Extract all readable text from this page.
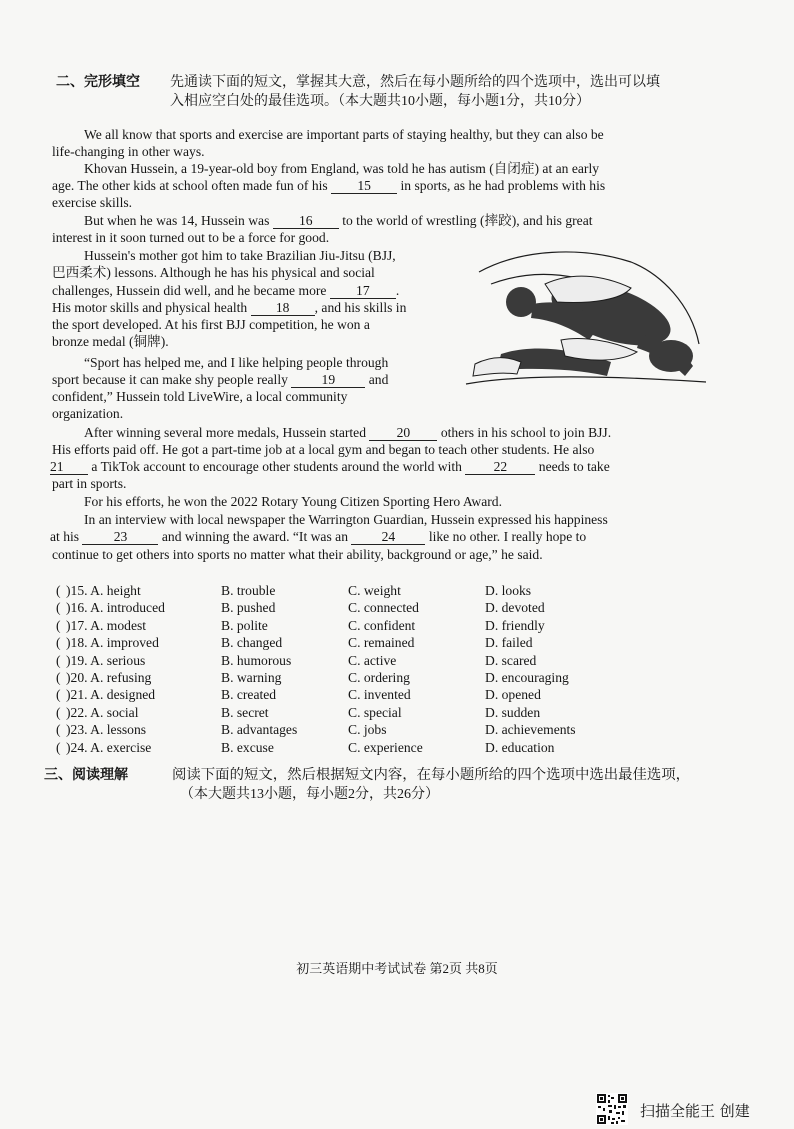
二、完形填空 先通读下面的短文，掌握其大意，然后在每小题所给的四个选项中，选出可以填
入相应空白处的最佳选项。（本大题共10小题，每小题1分，共10分）
We all know that sports and exercise are important parts of staying healthy, but they can also be
life-changing in other ways.
Khovan Hussein, a 19-year-old boy from England, was told he has autism (自闭症) at an early
age. The other kids at school often made fun of his 15 in sports, as he had problems with his
exercise skills.
But when he was 14, Hussein was 16 to the world of wrestling (摔跤), and his great
interest in it soon turned out to be a force for good.
Hussein's mother got him to take Brazilian Jiu-Jitsu (BJJ,
巴西柔术) lessons. Although he has his physical and social
challenges, Hussein did well, and he became more 17 .
His motor skills and physical health 18 , and his skills in
the sport developed. At his first BJJ competition, he won a
bronze medal (铜牌).
“Sport has helped me, and I like helping people through
sport because it can make shy people really 19 and
confident,” Hussein told LiveWire, a local community
organization.
After winning several more medals, Hussein started 20 others in his school to join BJJ.
His efforts paid off. He got a part-time job at a local gym and began to teach other students. He also
21 a TikTok account to encourage other students around the world with 22 needs to take
part in sports.
For his efforts, he won the 2022 Rotary Young Citizen Sporting Hero Award.
In an interview with local newspaper the Warrington Guardian, Hussein expressed his happiness
at his	23	and winning the award. “It was an 24 like no other. I really hope to
continue to get others into sports no matter what their ability, background or age,” he said.
( )15. A. height	B. trouble	C. weight	D. looks
( )16. A. introduced	B. pushed	C. connected	D. devoted
( )17. A. modest	B. polite	C. confident	D. friendly
( )18. A. improved	B. changed	C. remained	D. failed
( )19. A. serious	B. humorous	C. active	D. scared
( )20. A. refusing	B. warning	C. ordering	D. encouraging
( )21. A. designed	B. created	C. invented	D. opened
( )22. A. social	B. secret	C. special	D. sudden
( )23. A. lessons	B. advantages	C. jobs	D. achievements
( )24. A. exercise	B. excuse	C. experience	D. education
三、阅读理解	阅读下面的短文，然后根据短文内容，在每小题所给的四个选项中选出最佳选项，
（本大题共13小题，每小题2分，共26分）
初三英语期中考试试卷 第2页 共8页
扫描全能王 创建
